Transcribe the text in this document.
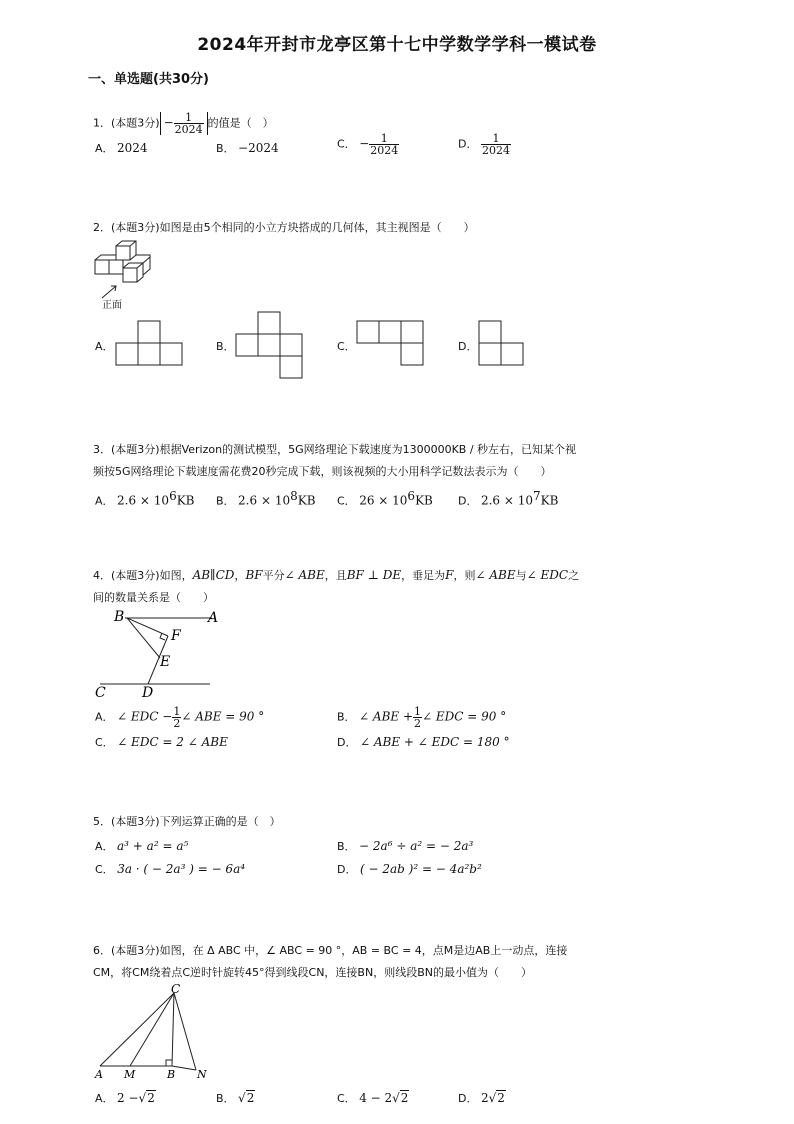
2024年开封市龙亭区第十七中学数学学科一模试卷
一、单选题(共30分)
1．(本题3分) − $\frac{1}{2024}$ 的值是（　）
A． 2024	B． −2024	C． − $\frac{1}{2024}$	D． $\frac{1}{2024}$
2．(本题3分)如图是由5个相同的小立方块搭成的几何体，其主视图是（　　）
正面
A．	B．	C．	D．
3．(本题3分)根据Verizon的测试模型，5G网络理论下载速度为1300000KB / 秒左右，已知某个视
频按5G网络理论下载速度需花费20秒完成下载，则该视频的大小用科学记数法表示为（　　）
A． $2.6 \times 10^6KB$ B． $2.6 \times 10^8KB$ C． $26 \times 10^6KB$ D． $2.6 \times 10^7KB$
4．(本题3分)如图，AB∥CD，BF平分∠ ABE，且BF ⊥ DE，垂足为F，则∠ ABE与∠ EDC之
间的数量关系是（　　）
B	A
F
E
C	D
A． ∠ EDC − $\frac{1}{2}$ ∠ ABE = 90 °	B． ∠ ABE + $\frac{1}{2}$ ∠ EDC = 90 °
C． ∠ EDC = 2 ∠ ABE	D． ∠ ABE + ∠ EDC = 180 °
5．(本题3分)下列运算正确的是（　）
A． a³ + a² = a⁵	B． − 2a⁶ ÷ a² = − 2a³
C． 3a · ( − 2a³ ) = − 6a⁴	D． ( − 2ab )² = − 4a²b²
6．(本题3分)如图，在 Δ ABC 中，∠ ABC = 90 °，AB = BC = 4，点M是边AB上一动点，连接
CM，将CM绕着点C逆时针旋转45°得到线段CN，连接BN，则线段BN的最小值为（　　）
C
A M	B N
A． 2 −√2	B． √2	C． 4 − 2√2	D． 2√2
